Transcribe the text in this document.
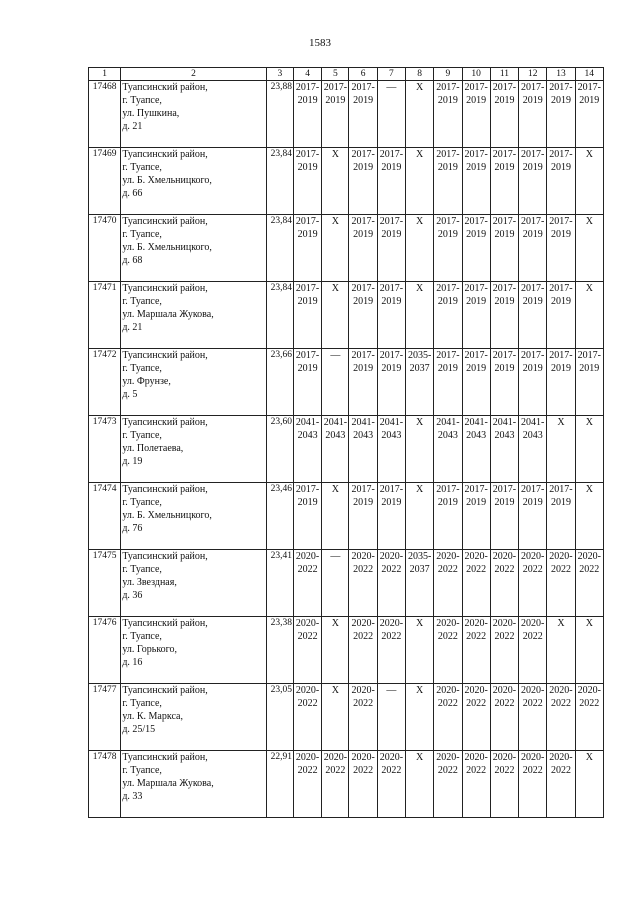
1583
1	2	3	4	5	6	7	8	9	10	11	12	13	14
17468	Туапсинский район,
г. Туапсе,
ул. Пушкина,
д. 21	23,88	2017-
2019	2017-
2019	2017-
2019	—	X	2017-
2019	2017-
2019	2017-
2019	2017-
2019	2017-
2019	2017-
2019

17469	Туапсинский район,
г. Туапсе,
ул. Б. Хмельницкого,
д. 66	23,84	2017-
2019	X	2017-
2019	2017-
2019	X	2017-
2019	2017-
2019	2017-
2019	2017-
2019	2017-
2019	X

17470	Туапсинский район,
г. Туапсе,
ул. Б. Хмельницкого,
д. 68	23,84	2017-
2019	X	2017-
2019	2017-
2019	X	2017-
2019	2017-
2019	2017-
2019	2017-
2019	2017-
2019	X

17471	Туапсинский район,
г. Туапсе,
ул. Маршала Жукова,
д. 21	23,84	2017-
2019	X	2017-
2019	2017-
2019	X	2017-
2019	2017-
2019	2017-
2019	2017-
2019	2017-
2019	X

17472	Туапсинский район,
г. Туапсе,
ул. Фрунзе,
д. 5	23,66	2017-
2019	—	2017-
2019	2017-
2019	2035-
2037	2017-
2019	2017-
2019	2017-
2019	2017-
2019	2017-
2019	2017-
2019

17473	Туапсинский район,
г. Туапсе,
ул. Полетаева,
д. 19	23,60	2041-
2043	2041-
2043	2041-
2043	2041-
2043	X	2041-
2043	2041-
2043	2041-
2043	2041-
2043	X	X

17474	Туапсинский район,
г. Туапсе,
ул. Б. Хмельницкого,
д. 76	23,46	2017-
2019	X	2017-
2019	2017-
2019	X	2017-
2019	2017-
2019	2017-
2019	2017-
2019	2017-
2019	X

17475	Туапсинский район,
г. Туапсе,
ул. Звездная,
д. 36	23,41	2020-
2022	—	2020-
2022	2020-
2022	2035-
2037	2020-
2022	2020-
2022	2020-
2022	2020-
2022	2020-
2022	2020-
2022

17476	Туапсинский район,
г. Туапсе,
ул. Горького,
д. 16	23,38	2020-
2022	X	2020-
2022	2020-
2022	X	2020-
2022	2020-
2022	2020-
2022	2020-
2022	X	X

17477	Туапсинский район,
г. Туапсе,
ул. К. Маркса,
д. 25/15	23,05	2020-
2022	X	2020-
2022	—	X	2020-
2022	2020-
2022	2020-
2022	2020-
2022	2020-
2022	2020-
2022

17478	Туапсинский район,
г. Туапсе,
ул. Маршала Жукова,
д. 33	22,91	2020-
2022	2020-
2022	2020-
2022	2020-
2022	X	2020-
2022	2020-
2022	2020-
2022	2020-
2022	2020-
2022	X
